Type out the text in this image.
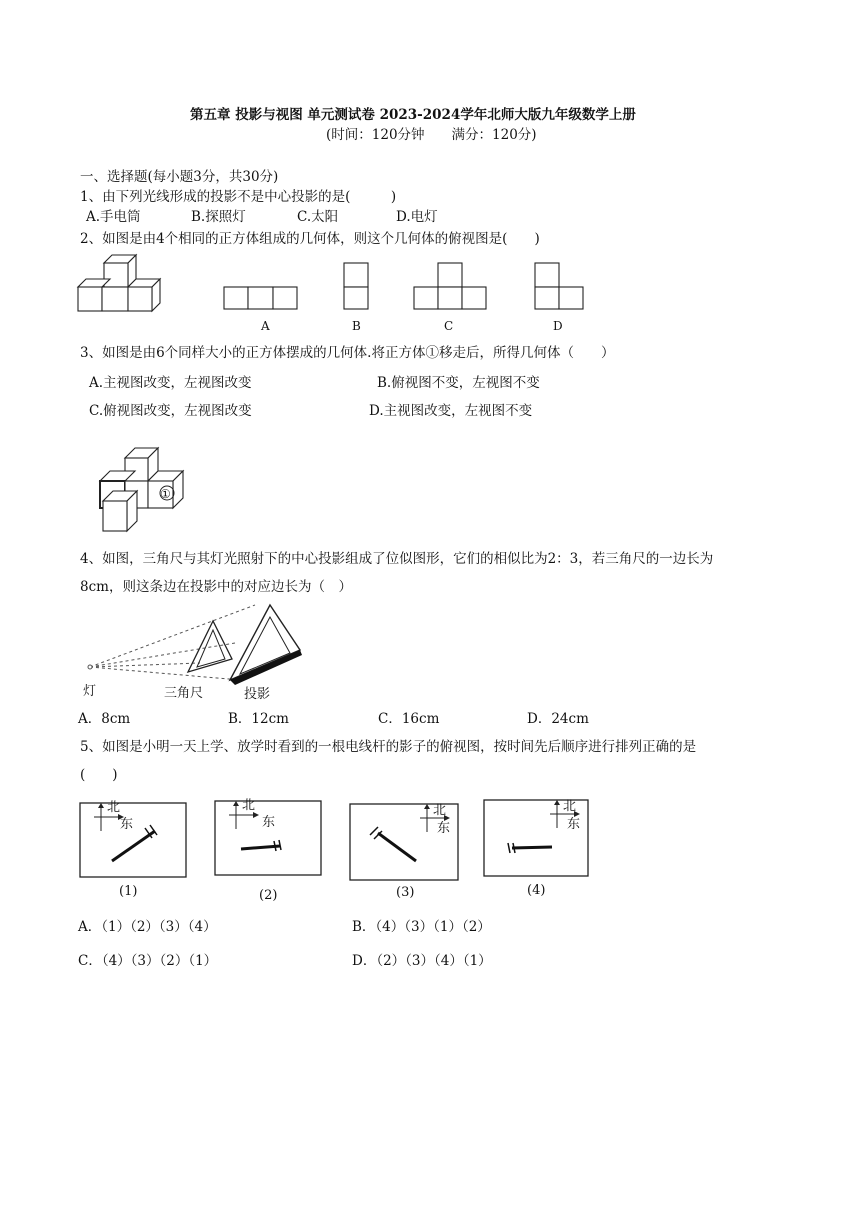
第五章 投影与视图 单元测试卷 2023-2024学年北师大版九年级数学上册
(时间：120分钟　　满分：120分)
一、选择题(每小题3分，共30分)
1、由下列光线形成的投影不是中心投影的是(　　　)
A.手电筒	B.探照灯	C.太阳	D.电灯
2、如图是由4个相同的正方体组成的几何体，则这个几何体的俯视图是(　　)
A	B	C	D
3、如图是由6个同样大小的正方体摆成的几何体.将正方体①移走后，所得几何体（　　）
A.主视图改变，左视图改变	B.俯视图不变，左视图不变
C.俯视图改变，左视图改变	D.主视图改变，左视图不变
①
4、如图，三角尺与其灯光照射下的中心投影组成了位似图形，它们的相似比为2：3，若三角尺的一边长为
8cm，则这条边在投影中的对应边长为（　）
灯	三角尺	投影
A．8cm	B．12cm	C．16cm	D．24cm
5、如图是小明一天上学、放学时看到的一根电线杆的影子的俯视图，按时间先后顺序进行排列正确的是
(　　)
北
东
北
东
北
东
北
东
(1)	(2)	(3)	(4)
A．（1）（2）（3）（4）	B．（4）（3）（1）（2）
C．（4）（3）（2）（1）	D．（2）（3）（4）（1）
